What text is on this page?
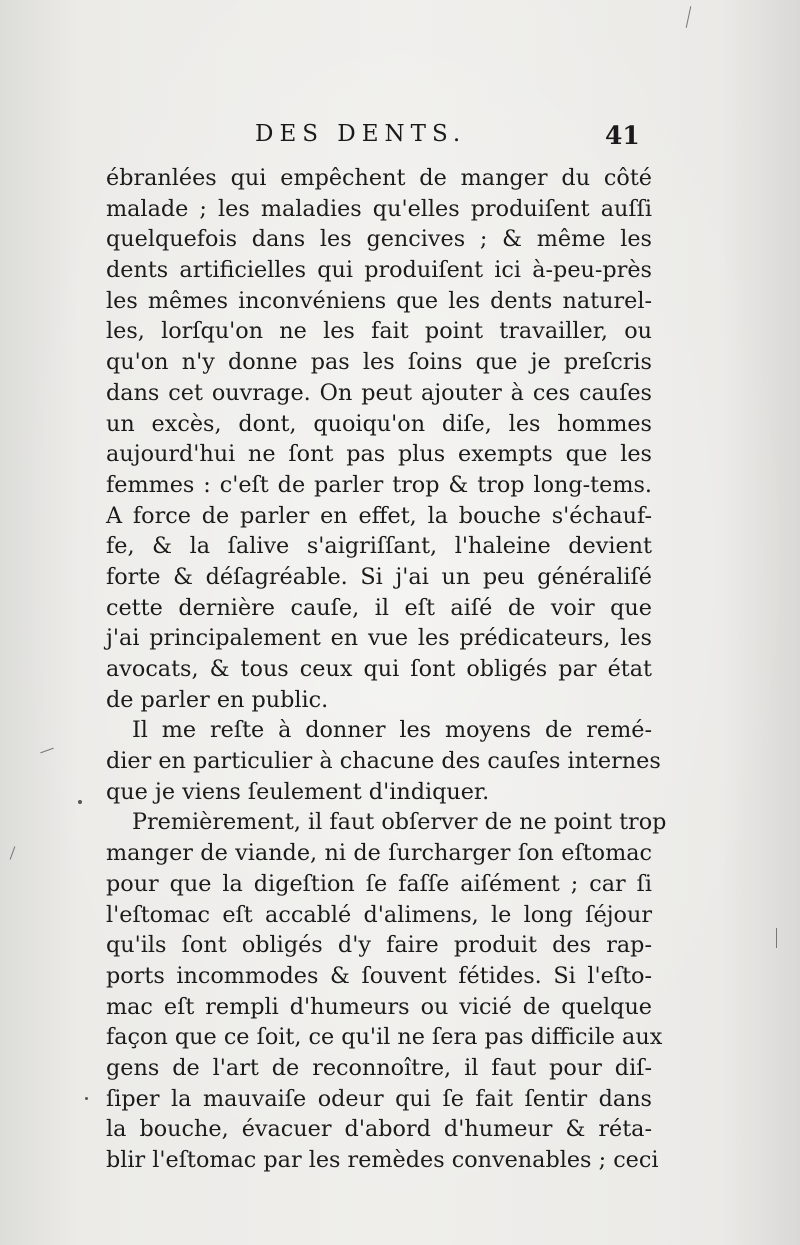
DES DENTS.	41
ébranlées qui empêchent de manger du côté
malade ; les maladies qu'elles produiſent auſſi
quelquefois dans les gencives ; & même les
dents artificielles qui produiſent ici à-peu-près
les mêmes inconvéniens que les dents naturel-
les, lorſqu'on ne les fait point travailler, ou
qu'on n'y donne pas les ſoins que je preſcris
dans cet ouvrage. On peut ajouter à ces cauſes
un excès, dont, quoiqu'on diſe, les hommes
aujourd'hui ne ſont pas plus exempts que les
femmes : c'eſt de parler trop & trop long-tems.
A force de parler en effet, la bouche s'échauf-
fe, & la ſalive s'aigriſſant, l'haleine devient
forte & déſagréable. Si j'ai un peu généraliſé
cette dernière cauſe, il eſt aiſé de voir que
j'ai principalement en vue les prédicateurs, les
avocats, & tous ceux qui ſont obligés par état
de parler en public.
Il me reſte à donner les moyens de remé-
dier en particulier à chacune des cauſes internes
que je viens ſeulement d'indiquer.
Premièrement, il faut obſerver de ne point trop
manger de viande, ni de ſurcharger ſon eſtomac
pour que la digeſtion ſe faſſe aiſément ; car ſi
l'eſtomac eſt accablé d'alimens, le long ſéjour
qu'ils ſont obligés d'y faire produit des rap-
ports incommodes & ſouvent fétides. Si l'eſto-
mac eſt rempli d'humeurs ou vicié de quelque
façon que ce ſoit, ce qu'il ne ſera pas difficile aux
gens de l'art de reconnoître, il faut pour diſ-
ſiper la mauvaiſe odeur qui ſe fait ſentir dans
la bouche, évacuer d'abord d'humeur & réta-
blir l'eſtomac par les remèdes convenables ; ceci
